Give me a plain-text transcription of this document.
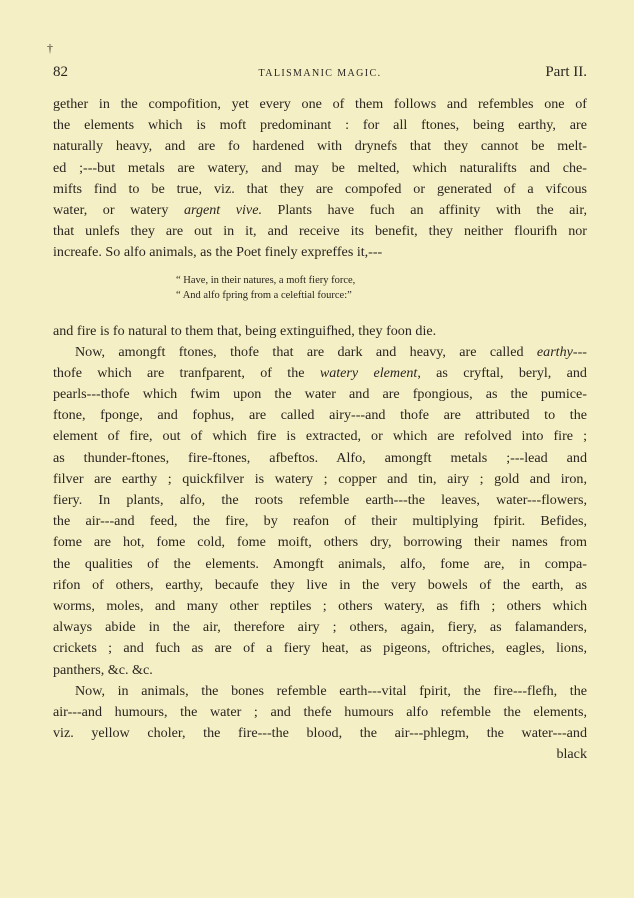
†
82	TALISMANIC MAGIC.	Part II.
gether in the compofition, yet every one of them follows and refembles one of
the elements which is moft predominant : for all ftones, being earthy, are
naturally heavy, and are fo hardened with drynefs that they cannot be melt-
ed ;---but metals are watery, and may be melted, which naturalifts and che-
mifts find to be true, viz. that they are compofed or generated of a vifcous
water, or watery argent vive. Plants have fuch an affinity with the air,
that unlefs they are out in it, and receive its benefit, they neither flourifh nor
increafe. So alfo animals, as the Poet finely expreffes it,---
“ Have, in their natures, a moft fiery force,
“ And alfo fpring from a celeftial fource:”
and fire is fo natural to them that, being extinguifhed, they foon die.
Now, amongft ftones, thofe that are dark and heavy, are called earthy---
thofe which are tranfparent, of the watery element, as cryftal, beryl, and
pearls---thofe which fwim upon the water and are fpongious, as the pumice-
ftone, fponge, and fophus, are called airy---and thofe are attributed to the
element of fire, out of which fire is extracted, or which are refolved into fire ;
as thunder-ftones, fire-ftones, afbeftos. Alfo, amongft metals ;---lead and
filver are earthy ; quickfilver is watery ; copper and tin, airy ; gold and iron,
fiery. In plants, alfo, the roots refemble earth---the leaves, water---flowers,
the air---and feed, the fire, by reafon of their multiplying fpirit. Befides,
fome are hot, fome cold, fome moift, others dry, borrowing their names from
the qualities of the elements. Amongft animals, alfo, fome are, in compa-
rifon of others, earthy, becaufe they live in the very bowels of the earth, as
worms, moles, and many other reptiles ; others watery, as fifh ; others which
always abide in the air, therefore airy ; others, again, fiery, as falamanders,
crickets ; and fuch as are of a fiery heat, as pigeons, oftriches, eagles, lions,
panthers, &c. &c.
Now, in animals, the bones refemble earth---vital fpirit, the fire---flefh, the
air---and humours, the water ; and thefe humours alfo refemble the elements,
viz. yellow choler, the fire---the blood, the air---phlegm, the water---and
black
